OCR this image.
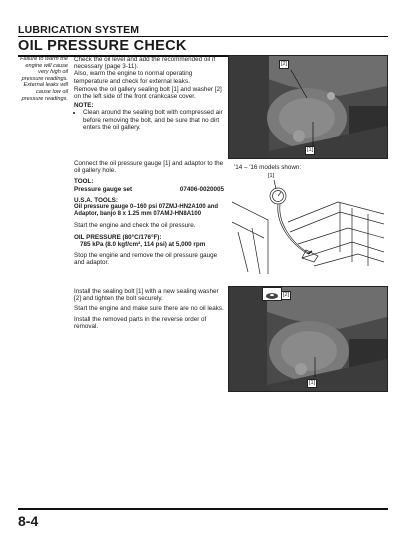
LUBRICATION SYSTEM
OIL PRESSURE CHECK
Failure to warm the engine will cause very high oil pressure readings. External leaks will cause low oil pressure readings.
Check the oil level and add the recommended oil if necessary (page 3-11).
Also, warm the engine to normal operating temperature and check for external leaks.
Remove the oil gallery sealing bolt [1] and washer [2] on the left side of the front crankcase cover.
NOTE:
• Clean around the sealing bolt with compressed air before removing the bolt, and be sure that no dirt enters the oil gallery.
[2]
[1]
Connect the oil pressure gauge [1] and adaptor to the oil gallery hole.
TOOL:
Pressure gauge set	07406-0020005
U.S.A. TOOLS:
Oil pressure gauge 0–160 psi 07ZMJ-HN2A100 and
Adaptor, banjo 8 x 1.25 mm 07AMJ-HN8A100
Start the engine and check the oil pressure.
OIL PRESSURE (80°C/176°F):
785 kPa (8.0 kgf/cm², 114 psi) at 5,000 rpm
Stop the engine and remove the oil pressure gauge and adaptor.
'14 – '16 models shown:
[1]
Install the sealing bolt [1] with a new sealing washer [2] and tighten the bolt securely.
Start the engine and make sure there are no oil leaks.
Install the removed parts in the reverse order of removal.
[2]
[1]
8-4
